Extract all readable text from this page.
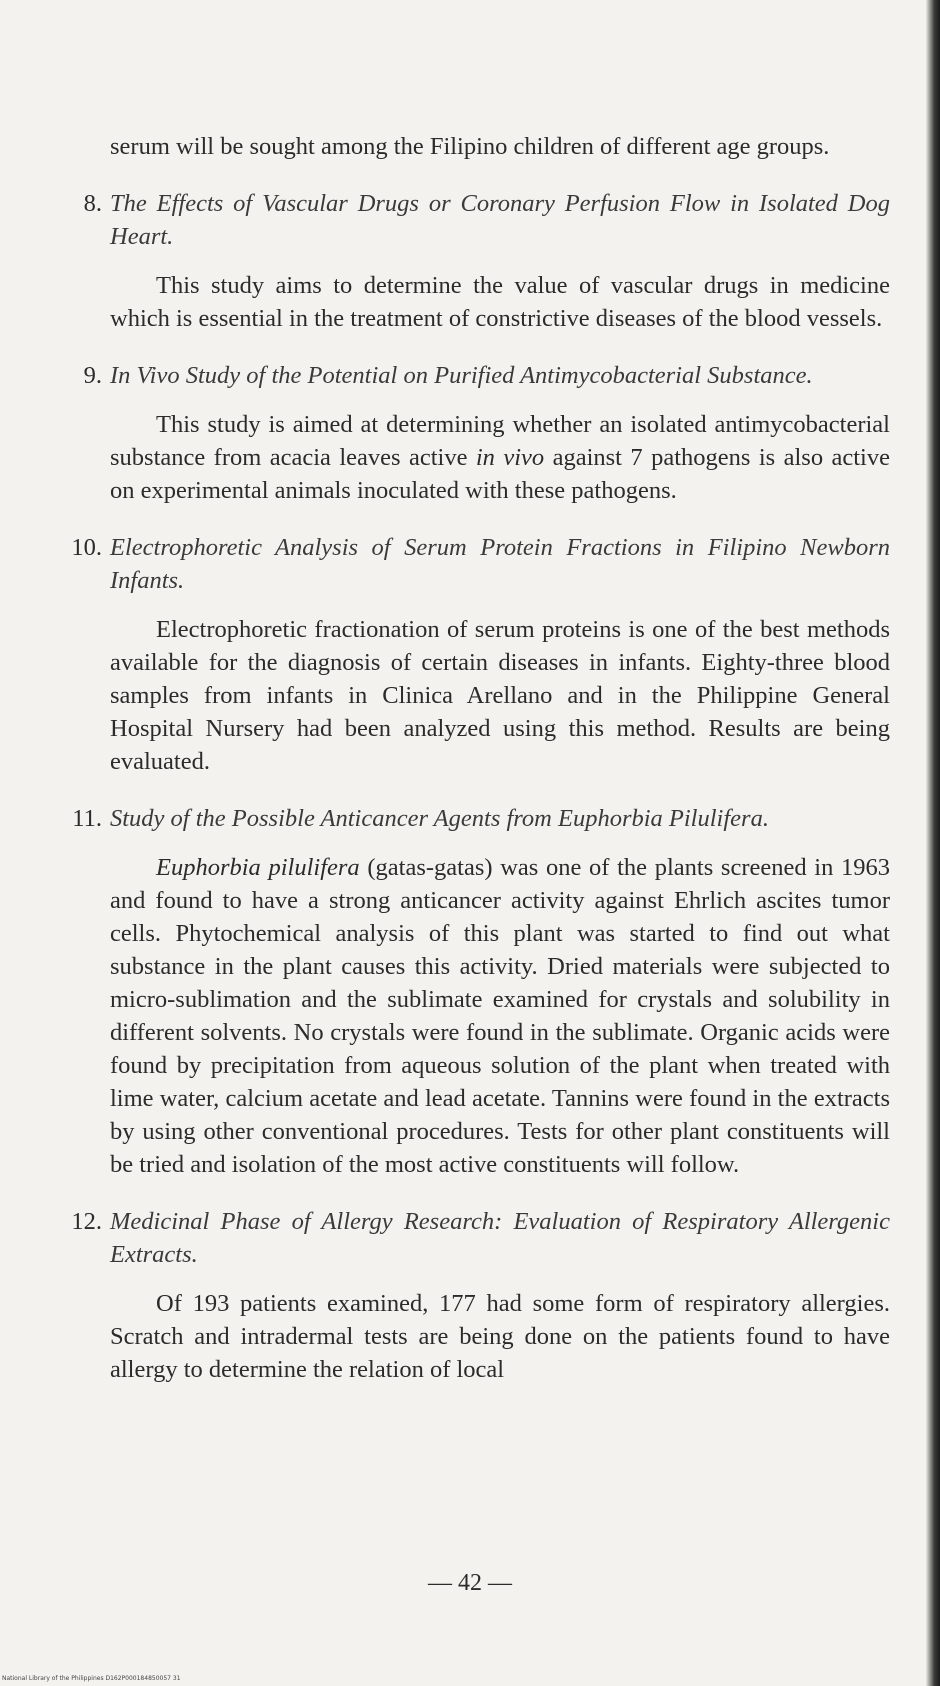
serum will be sought among the Filipino children of different age groups.

8. The Effects of Vascular Drugs or Coronary Perfusion Flow in Isolated Dog Heart.

This study aims to determine the value of vascular drugs in medicine which is essential in the treatment of constrictive diseases of the blood vessels.

9. In Vivo Study of the Potential on Purified Antimycobacterial Substance.

This study is aimed at determining whether an isolated antimycobacterial substance from acacia leaves active in vivo against 7 pathogens is also active on experimental animals inoculated with these pathogens.

10. Electrophoretic Analysis of Serum Protein Fractions in Filipino Newborn Infants.

Electrophoretic fractionation of serum proteins is one of the best methods available for the diagnosis of certain diseases in infants. Eighty-three blood samples from infants in Clinica Arellano and in the Philippine General Hospital Nursery had been analyzed using this method. Results are being evaluated.

11. Study of the Possible Anticancer Agents from Euphorbia Pilulifera.

Euphorbia pilulifera (gatas-gatas) was one of the plants screened in 1963 and found to have a strong anticancer activity against Ehrlich ascites tumor cells. Phytochemical analysis of this plant was started to find out what substance in the plant causes this activity. Dried materials were subjected to micro-sublimation and the sublimate examined for crystals and solubility in different solvents. No crystals were found in the sublimate. Organic acids were found by precipitation from aqueous solution of the plant when treated with lime water, calcium acetate and lead acetate. Tannins were found in the extracts by using other conventional procedures. Tests for other plant constituents will be tried and isolation of the most active constituents will follow.

12. Medicinal Phase of Allergy Research: Evaluation of Respiratory Allergenic Extracts.

Of 193 patients examined, 177 had some form of respiratory allergies. Scratch and intradermal tests are being done on the patients found to have allergy to determine the relation of local

— 42 —
National Library of the Philippines D162P000184850057 31
